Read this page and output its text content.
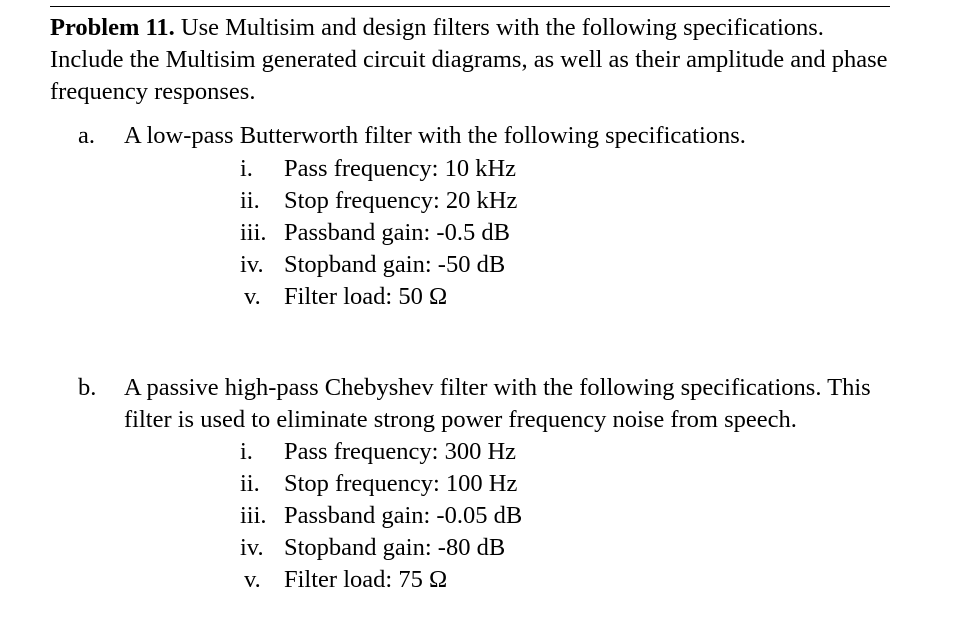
Problem 11. Use Multisim and design filters with the following specifications.
Include the Multisim generated circuit diagrams, as well as their amplitude and phase
frequency responses.
a. A low-pass Butterworth filter with the following specifications.
i.	Pass frequency: 10 kHz
ii. Stop frequency: 20 kHz
iii. Passband gain: -0.5 dB
iv. Stopband gain: -50 dB
v. Filter load: 50 Ω
b. A passive high-pass Chebyshev filter with the following specifications. This
filter is used to eliminate strong power frequency noise from speech.
i.	Pass frequency: 300 Hz
ii. Stop frequency: 100 Hz
iii. Passband gain: -0.05 dB
iv. Stopband gain: -80 dB
v. Filter load: 75 Ω
